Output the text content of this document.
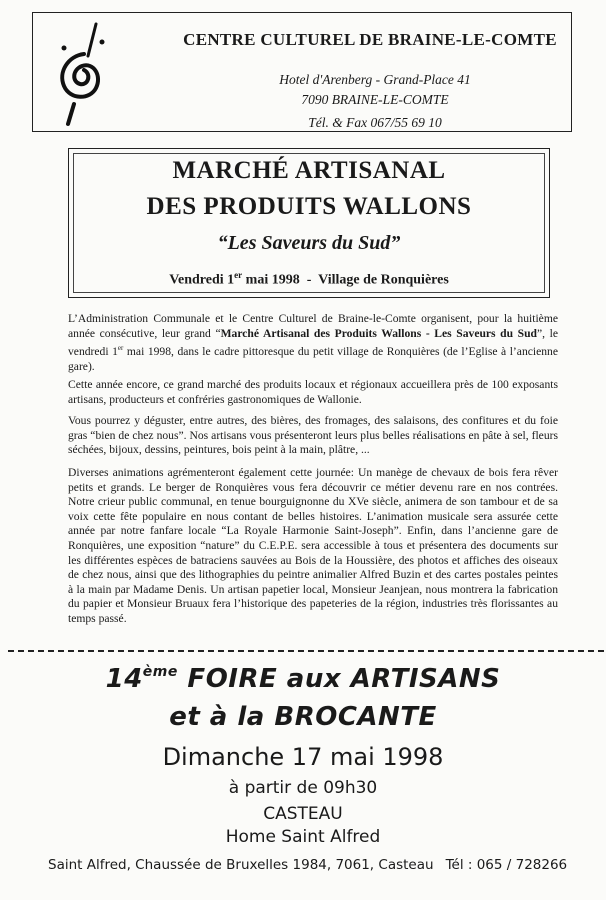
CENTRE CULTUREL DE BRAINE-LE-COMTE
Hotel d'Arenberg - Grand-Place 41
7090 BRAINE-LE-COMTE
Tél. & Fax 067/55 69 10
MARCHÉ ARTISANAL
DES PRODUITS WALLONS
“Les Saveurs du Sud”
Vendredi 1er mai 1998  -  Village de Ronquières

L’Administration Communale et le Centre Culturel de Braine-le-Comte organisent, pour la huitième année consécutive, leur grand “Marché Artisanal des Produits Wallons - Les Saveurs du Sud”, le vendredi 1er mai 1998, dans le cadre pittoresque du petit village de Ronquières (de l’Eglise à l’ancienne gare).

Cette année encore, ce grand marché des produits locaux et régionaux accueillera près de 100 exposants artisans, producteurs et confréries gastronomiques de Wallonie.

Vous pourrez y déguster, entre autres, des bières, des fromages, des salaisons, des confitures et du foie gras “bien de chez nous”. Nos artisans vous présenteront leurs plus belles réalisations en pâte à sel, fleurs séchées, bijoux, dessins, peintures, bois peint à la main, plâtre, ...

Diverses animations agrémenteront également cette journée: Un manège de chevaux de bois fera rêver petits et grands. Le berger de Ronquières vous fera découvrir ce métier devenu rare en nos contrées. Notre crieur public communal, en tenue bourguignonne du XVe siècle, animera de son tambour et de sa voix cette fête populaire en nous contant de belles histoires. L’animation musicale sera assurée cette année par notre fanfare locale “La Royale Harmonie Saint-Joseph”. Enfin, dans l’ancienne gare de Ronquières, une exposition “nature” du C.E.P.E. sera accessible à tous et présentera des documents sur les différentes espèces de batraciens sauvées au Bois de la Houssière, des photos et affiches des oiseaux de chez nous, ainsi que des lithographies du peintre animalier Alfred Buzin et des cartes postales peintes à la main par Madame Denis. Un artisan papetier local, Monsieur Jeanjean, nous montrera la fabrication du papier et Monsieur Bruaux fera l’historique des papeteries de la région, industries très florissantes au temps passé.

14ème FOIRE aux ARTISANS
et à la BROCANTE
Dimanche 17 mai 1998
à partir de 09h30
CASTEAU
Home Saint Alfred
Saint Alfred, Chaussée de Bruxelles 1984, 7061, Casteau Tél : 065 / 728266
